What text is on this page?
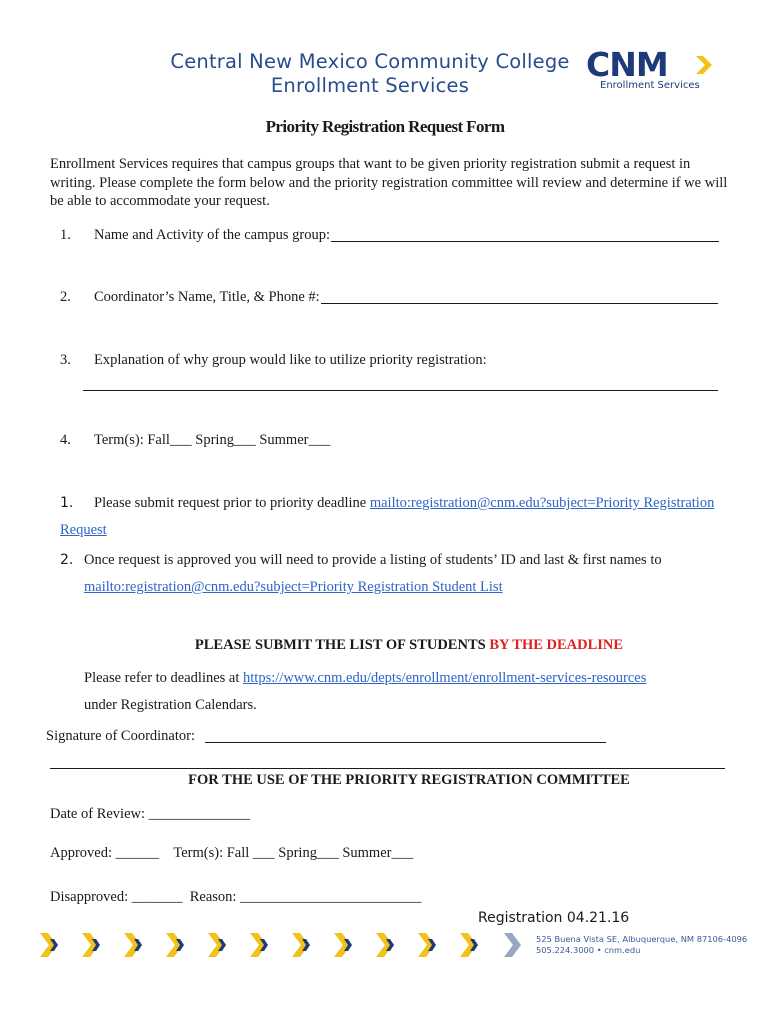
Central New Mexico Community College
Enrollment Services
CNM
Enrollment Services
Priority Registration Request Form
Enrollment Services requires that campus groups that want to be given priority registration submit a request in writing. Please complete the form below and the priority registration committee will review and determine if we will be able to accommodate your request.
1. Name and Activity of the campus group:
2. Coordinator’s Name, Title, & Phone #:
3. Explanation of why group would like to utilize priority registration:
4. Term(s): Fall___ Spring___ Summer___
1. Please submit request prior to priority deadline mailto:registration@cnm.edu?subject=Priority Registration Request
2. Once request is approved you will need to provide a listing of students’ ID and last & first names to mailto:registration@cnm.edu?subject=Priority Registration Student List
PLEASE SUBMIT THE LIST OF STUDENTS BY THE DEADLINE
Please refer to deadlines at https://www.cnm.edu/depts/enrollment/enrollment-services-resources
under Registration Calendars.
Signature of Coordinator:
FOR THE USE OF THE PRIORITY REGISTRATION COMMITTEE
Date of Review: ______________
Approved: ______    Term(s): Fall ___ Spring___ Summer___
Disapproved: _______  Reason: _________________________
Registration 04.21.16
525 Buena Vista SE, Albuquerque, NM 87106-4096
505.224.3000 • cnm.edu
